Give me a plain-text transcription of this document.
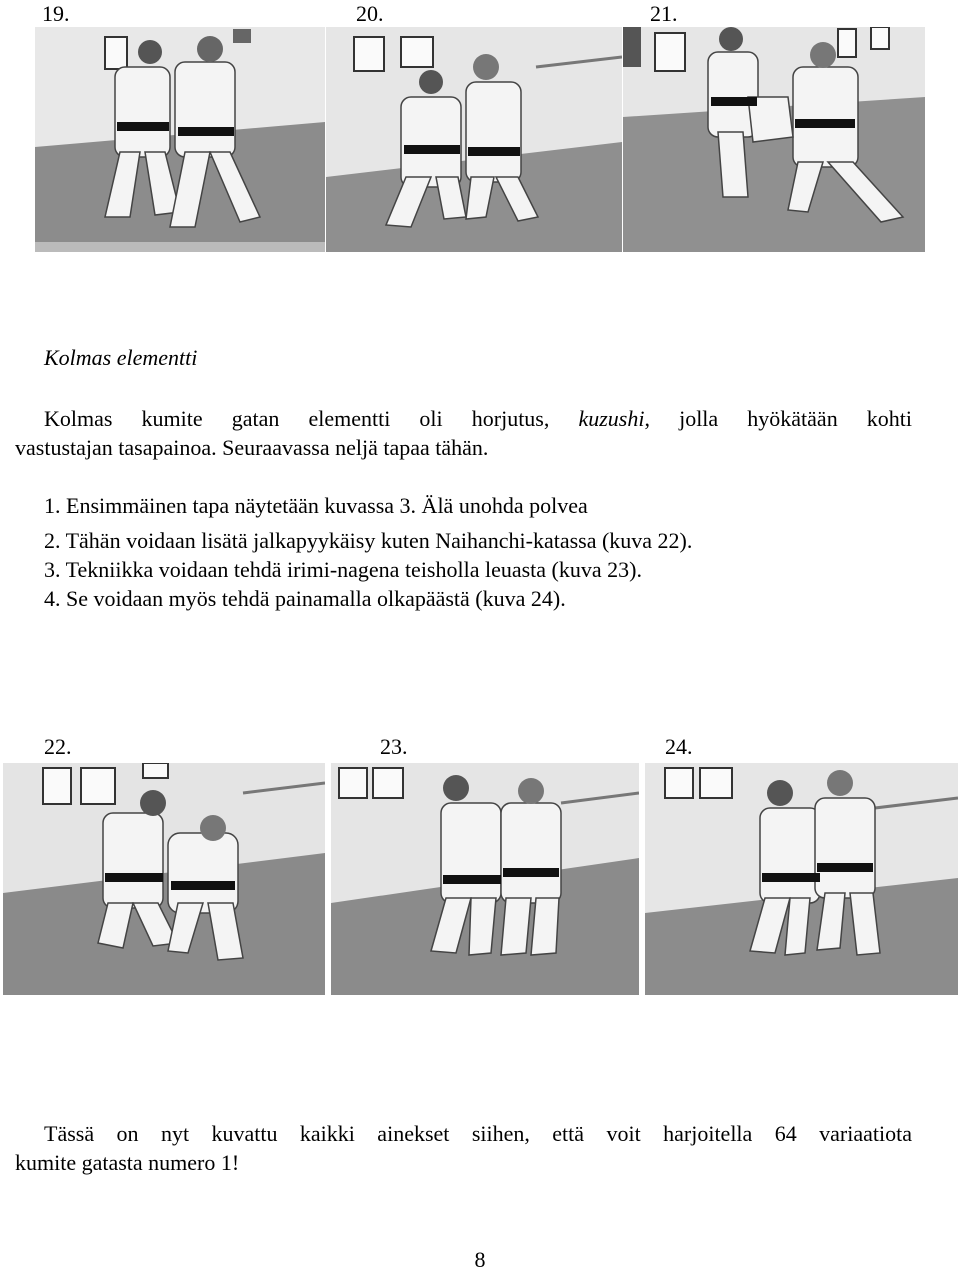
19.	20.	21.
Kolmas elementti
Kolmas kumite gatan elementti oli horjutus, kuzushi, jolla hyökätään kohti
vastustajan tasapainoa. Seuraavassa neljä tapaa tähän.
1. Ensimmäinen tapa näytetään kuvassa 3. Älä unohda polvea
2. Tähän voidaan lisätä jalkapyykäisy kuten Naihanchi-katassa (kuva 22).
3. Tekniikka voidaan tehdä irimi-nagena teisholla leuasta (kuva 23).
4. Se voidaan myös tehdä painamalla olkapäästä (kuva 24).
22.	23.	24.
Tässä on nyt kuvattu kaikki ainekset siihen, että voit harjoitella 64 variaatiota
kumite gatasta numero 1!
8
